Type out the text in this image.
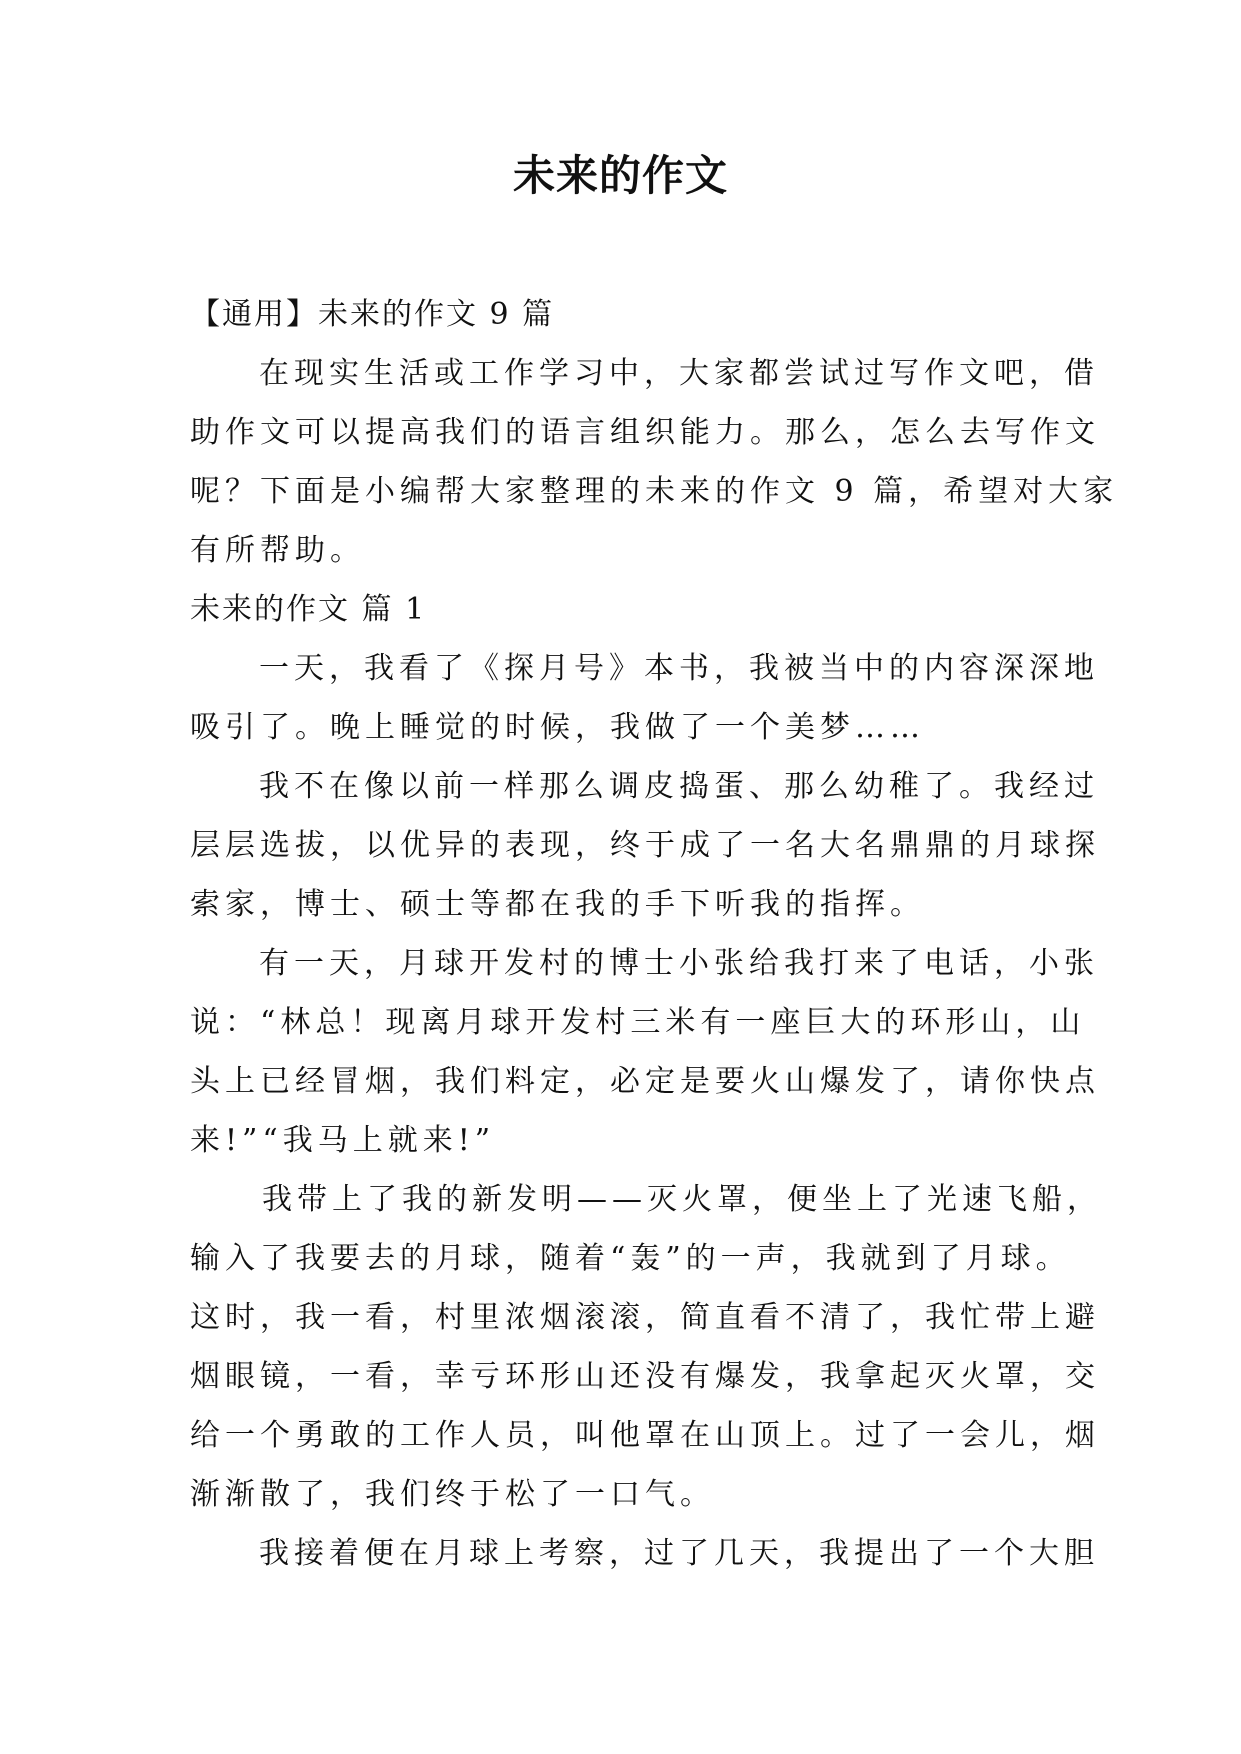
未来的作文

【通用】未来的作文 9 篇

在现实生活或工作学习中，大家都尝试过写作文吧，借

助作文可以提高我们的语言组织能力。那么，怎么去写作文

呢？下面是小编帮大家整理的未来的作文 9 篇，希望对大家

有所帮助。

未来的作文 篇 1

一天，我看了《探月号》本书，我被当中的内容深深地

吸引了。晚上睡觉的时候，我做了一个美梦……

我不在像以前一样那么调皮捣蛋、那么幼稚了。我经过

层层选拔，以优异的表现，终于成了一名大名鼎鼎的月球探

索家，博士、硕士等都在我的手下听我的指挥。

有一天，月球开发村的博士小张给我打来了电话，小张

说：“林总！现离月球开发村三米有一座巨大的环形山，山

头上已经冒烟，我们料定，必定是要火山爆发了，请你快点

来!”“我马上就来!”

我带上了我的新发明——灭火罩，便坐上了光速飞船，

输入了我要去的月球，随着“轰”的一声，我就到了月球。

这时，我一看，村里浓烟滚滚，简直看不清了，我忙带上避

烟眼镜，一看，幸亏环形山还没有爆发，我拿起灭火罩，交

给一个勇敢的工作人员，叫他罩在山顶上。过了一会儿，烟

渐渐散了，我们终于松了一口气。

我接着便在月球上考察，过了几天，我提出了一个大胆
